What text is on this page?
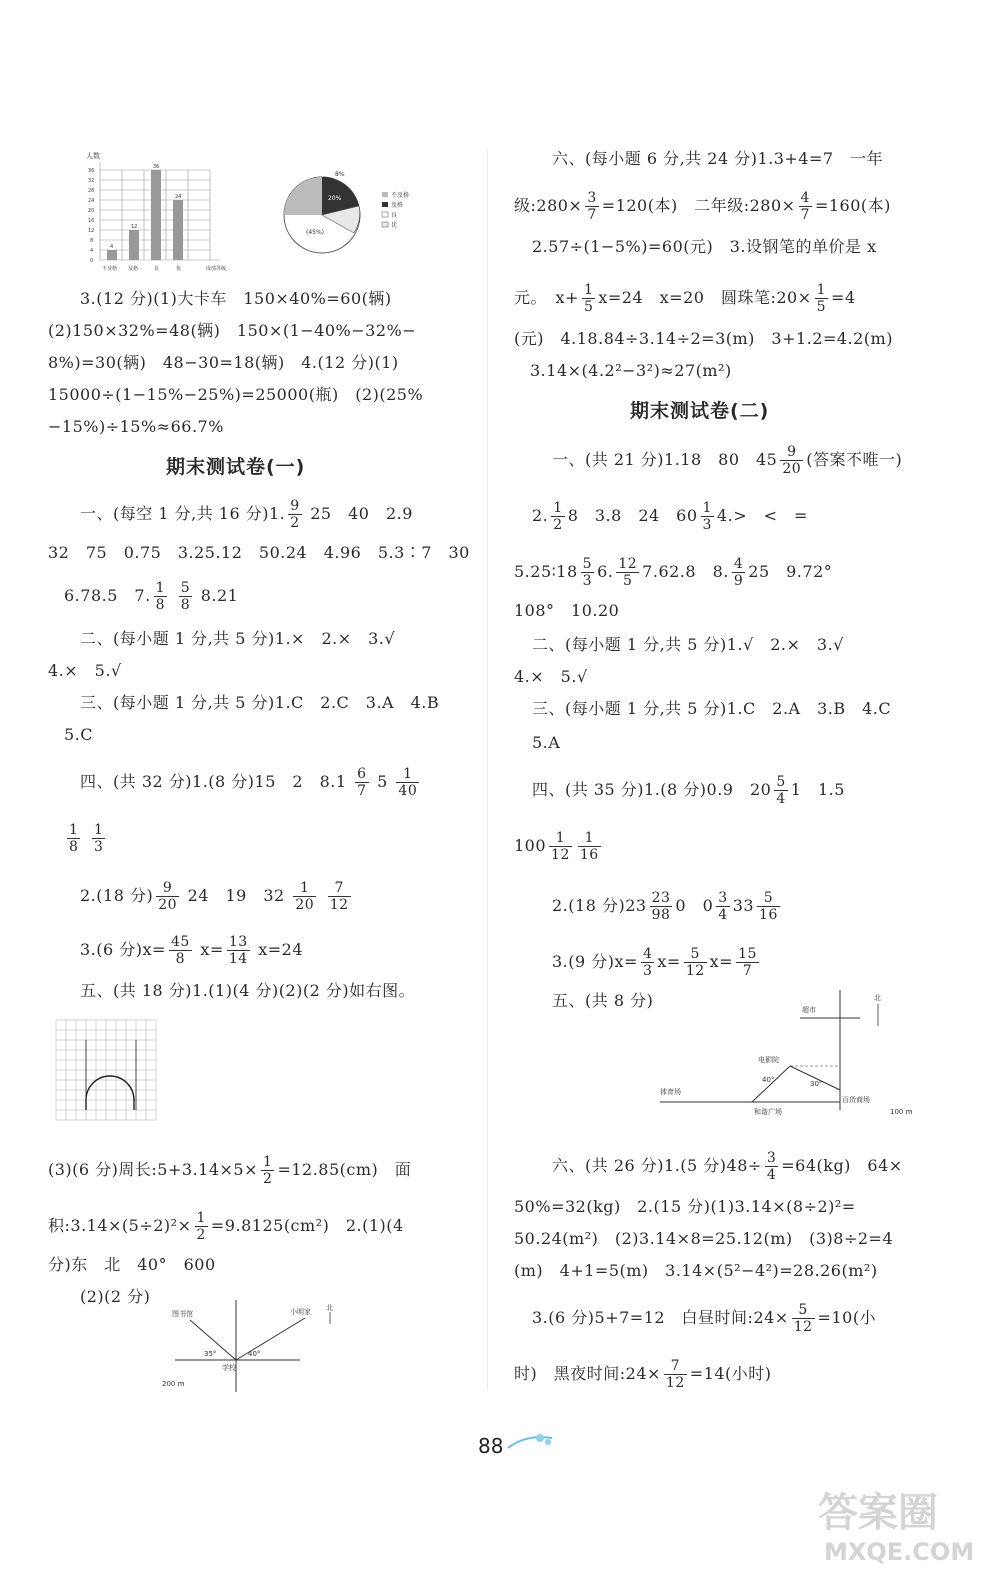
人数
36
32
28
24
20
16
12
8
4
0
4
12
36
24
不及格 及格	良	优	成绩等级
8%
20%
(45%)
不及格
及格
良
优
3.(12 分)(1)大卡车　150×40%=60(辆)
(2)150×32%=48(辆)　150×(1−40%−32%−
8%)=30(辆)　48−30=18(辆)　4.(12 分)(1)
15000÷(1−15%−25%)=25000(瓶)　(2)(25%
−15%)÷15%≈66.7%
期末测试卷(一)
一、(每空 1 分,共 16 分)1. $\frac{9}{2} 25$　40　2.9
32　75　0.75　3.25.12　50.24　4.96　5.3∶7　30
6.78.5　7. $\frac{1}{8}$
$\frac{5}{8} 8.21$
二、(每小题 1 分,共 5 分)1.×　2.×　3.√
4.×　5.√
三、(每小题 1 分,共 5 分)1.C　2.C　3.A　4.B
5.C
四、(共 32 分)1.(8 分)15　2　$8.1 \frac{6}{7} 5 \frac{1}{40}$
$\frac{1}{8}$
$\frac{1}{3}$
2.(18 分) $\frac{9}{20} 24$　19　$32 \frac{1}{20}$
$\frac{7}{12}$
3.(6 分)$x= \frac{45}{8} x= \frac{13}{14} x=24$
五、(共 18 分)1.(1)(4 分)(2)(2 分)如右图。
(3)(6 分)周长:5+3.14×5× $\frac{1}{2} =12.85(cm)$　面
积:3.14×(5÷2)²× $\frac{1}{2} =9.8125(cm^2)$　2.(1)(4
分)东　北　40°　600
(2)(2 分)
图书馆	小明家
学校
35°	40°
200 m
北
六、(每小题 6 分,共 24 分)1.3+4=7　一年
级:280× $\frac{3}{7} =120$(本)　二年级:280× $\frac{4}{7} =160$(本)
2.57÷(1−5%)=60(元)　3.设钢笔的单价是 x
元。　$x+ \frac{1}{5} x=24$　x=20　圆珠笔:20× $\frac{1}{5} =4$
(元)　4.18.84÷3.14÷2=3(m)　3+1.2=4.2(m)
3.14×(4.2²−3²)≈27(m²)
期末测试卷(二)
一、(共 21 分)1.18　80　$45 \frac{9}{20}$ (答案不唯一)
2. $\frac{1}{2} 8$　3.8　24　$60 \frac{1}{3} 4.>$　<　=
5.25∶18 $\frac{5}{3} 6$. $\frac{12}{5} 7.62.8$　8. $\frac{4}{9} 25$　9.72°
108°　10.20
二、(每小题 1 分,共 5 分)1.√　2.×　3.√
4.×　5.√
三、(每小题 1 分,共 5 分)1.C　2.A　3.B　4.C
5.A
四、(共 35 分)1.(8 分)0.9　$20 \frac{5}{4} 1$　1.5
$100 \frac{1}{12} \frac{1}{16}$
2.(18 分)$23 \frac{23}{98} 0$　$0 \frac{3}{4} 33 \frac{5}{16}$
3.(9 分)$x= \frac{4}{3} x= \frac{5}{12} x= \frac{15}{7}$
五、(共 8 分)	超市
电影院
体育场
和谐广场
百货商场
40°	30°
100 m
北
六、(共 26 分)1.(5 分)$48\div \frac{3}{4} =64(kg)$　64×
50%=32(kg)　2.(15 分)(1)3.14×(8÷2)²=
50.24(m²)　(2)3.14×8=25.12(m)　(3)8÷2=4
(m)　4+1=5(m)　3.14×(5²−4²)=28.26(m²)
3.(6 分)5+7=12　白昼时间:24× $\frac{5}{12} =10$(小
时)　黑夜时间:24× $\frac{7}{12} =14$(小时)
88
答案圈
MXQE.COM
